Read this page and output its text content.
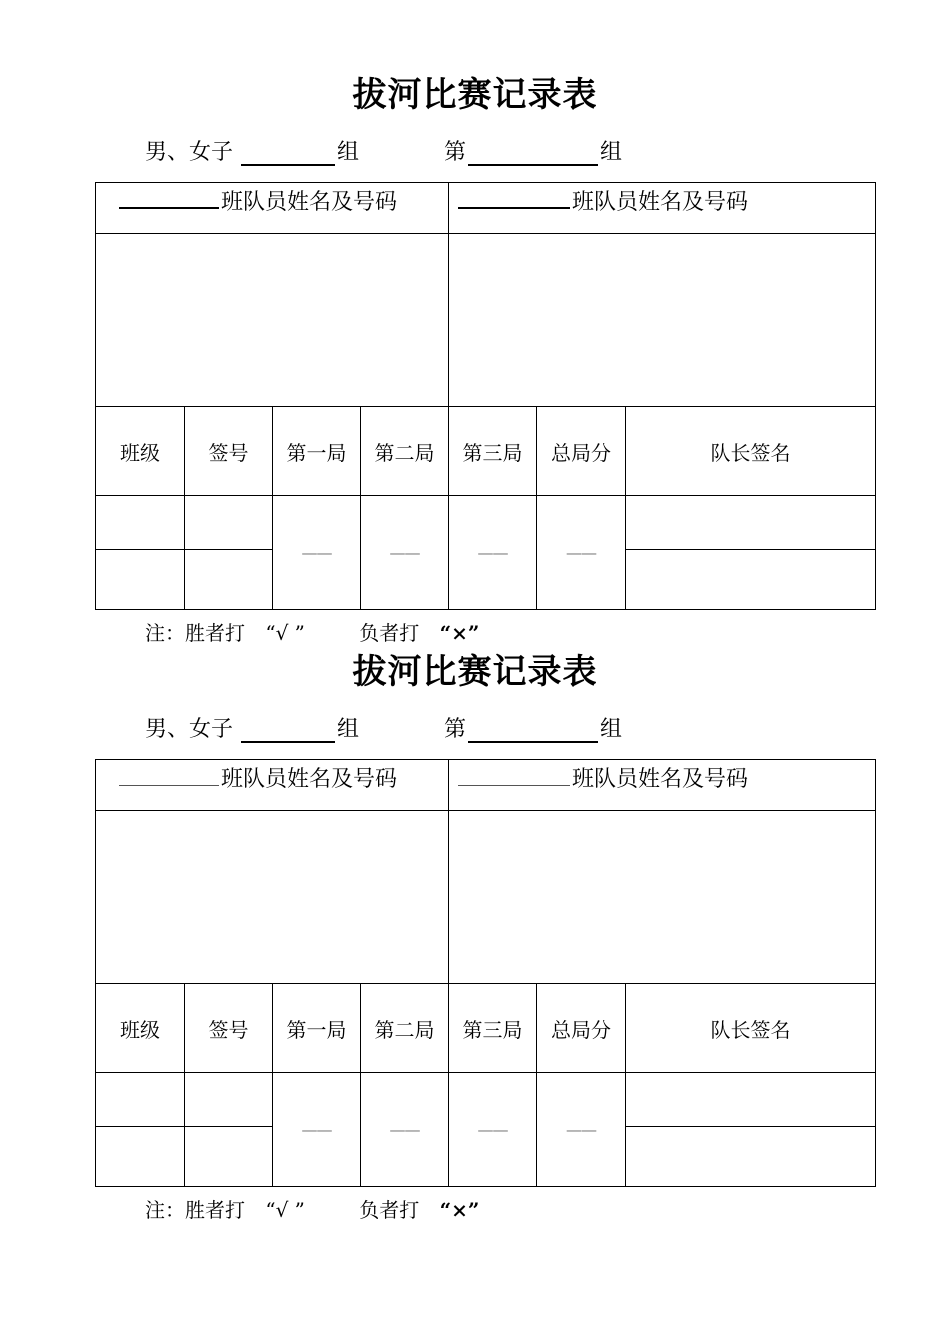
拔河比赛记录表
男、女子	组	第	组
班队员姓名及号码	班队员姓名及号码
班级	签号	第一局	第二局	第三局	总局分	队长签名
——	——	——	——
注：胜者打 “√ ”	负者打 “×”
拔河比赛记录表
男、女子	组	第	组
班队员姓名及号码	班队员姓名及号码
班级	签号	第一局	第二局	第三局	总局分	队长签名
——	——	——	——
注：胜者打 “√ ”	负者打 “×”
